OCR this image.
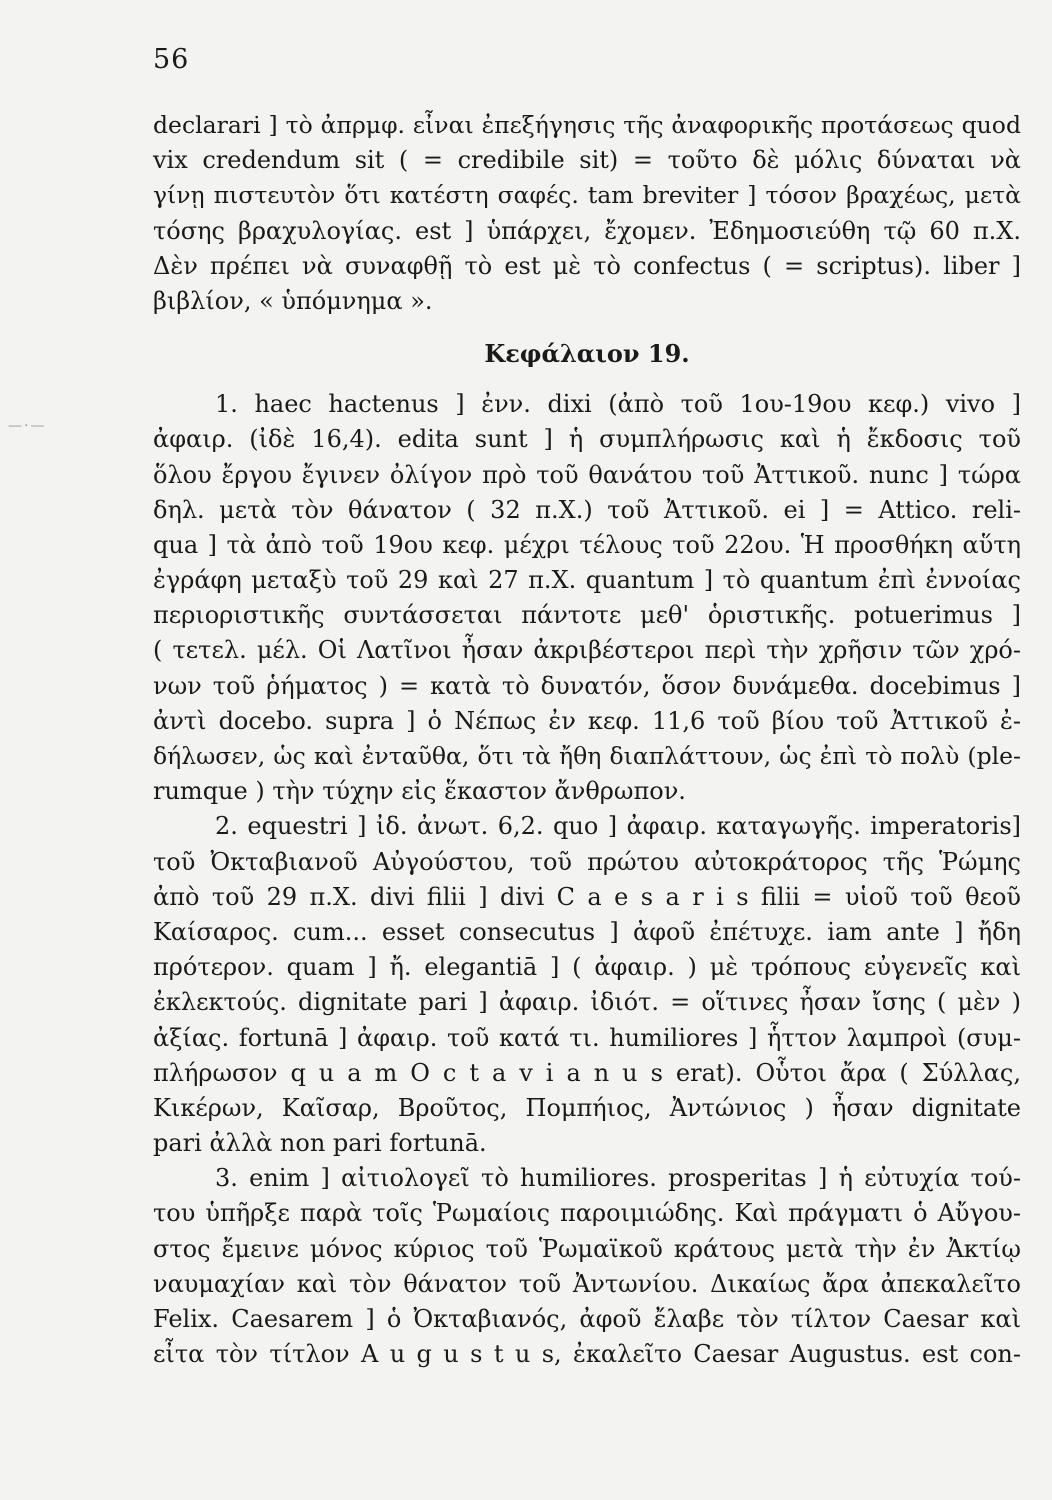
56
—·—
declarari ] τὸ ἀπρμφ. εἶναι ἐπεξήγησις τῆς ἀναφορικῆς προτάσεως quod
vix credendum sit ( = credibile sit) = τοῦτο δὲ μόλις δύναται νὰ
γίνῃ πιστευτὸν ὅτι κατέστη σαφές. tam breviter ] τόσον βραχέως, μετὰ
τόσης βραχυλογίας. est ] ὑπάρχει, ἔχομεν. Ἐδημοσιεύθη τῷ 60 π.Χ.
Δὲν πρέπει νὰ συναφθῇ τὸ est μὲ τὸ confectus ( = scriptus). liber ]
βιβλίον, « ὑπόμνημα ».
Κεφάλαιον 19.
1. haec hactenus ] ἐνν. dixi (ἀπὸ τοῦ 1ου-19ου κεφ.) vivo ]
ἀφαιρ. (ἰδὲ 16,4). edita sunt ] ἡ συμπλήρωσις καὶ ἡ ἔκδοσις τοῦ
ὅλου ἔργου ἔγινεν ὀλίγον πρὸ τοῦ θανάτου τοῦ Ἀττικοῦ. nunc ] τώρα
δηλ. μετὰ τὸν θάνατον ( 32 π.Χ.) τοῦ Ἀττικοῦ. ei ] = Attico. reli-
qua ] τὰ ἀπὸ τοῦ 19ου κεφ. μέχρι τέλους τοῦ 22ου. Ἡ προσθήκη αὕτη
ἐγράφη μεταξὺ τοῦ 29 καὶ 27 π.Χ. quantum ] τὸ quantum ἐπὶ ἐννοίας
περιοριστικῆς συντάσσεται πάντοτε μεθ' ὁριστικῆς. potuerimus ]
( τετελ. μέλ. Οἱ Λατῖνοι ἦσαν ἀκριβέστεροι περὶ τὴν χρῆσιν τῶν χρό-
νων τοῦ ῥήματος ) = κατὰ τὸ δυνατόν, ὅσον δυνάμεθα. docebimus ]
ἀντὶ docebo. supra ] ὁ Νέπως ἐν κεφ. 11,6 τοῦ βίου τοῦ Ἀττικοῦ ἐ-
δήλωσεν, ὡς καὶ ἐνταῦθα, ὅτι τὰ ἤθη διαπλάττουν, ὡς ἐπὶ τὸ πολὺ (ple-
rumque ) τὴν τύχην εἰς ἕκαστον ἄνθρωπον.
2. equestri ] ἰδ. ἀνωτ. 6,2. quo ] ἀφαιρ. καταγωγῆς. imperatoris]
τοῦ Ὀκταβιανοῦ Αὐγούστου, τοῦ πρώτου αὐτοκράτορος τῆς Ῥώμης
ἀπὸ τοῦ 29 π.Χ. divi filii ] divi C a e s a r i s filii = υἱοῦ τοῦ θεοῦ
Καίσαρος. cum... esset consecutus ] ἀφοῦ ἐπέτυχε. iam ante ] ἤδη
πρότερον. quam ] ἤ. elegantiā ] ( ἀφαιρ. ) μὲ τρόπους εὐγενεῖς καὶ
ἐκλεκτούς. dignitate pari ] ἀφαιρ. ἰδιότ. = οἵτινες ἦσαν ἴσης ( μὲν )
ἀξίας. fortunā ] ἀφαιρ. τοῦ κατά τι. humiliores ] ἧττον λαμπροὶ (συμ-
πλήρωσον q u a m O c t a v i a n u s erat). Οὗτοι ἄρα ( Σύλλας,
Κικέρων, Καῖσαρ, Βροῦτος, Πομπήιος, Ἀντώνιος ) ἦσαν dignitate
pari ἀλλὰ non pari fortunā.
3. enim ] αἰτιολογεῖ τὸ humiliores. prosperitas ] ἡ εὐτυχία τού-
του ὑπῆρξε παρὰ τοῖς Ῥωμαίοις παροιμιώδης. Καὶ πράγματι ὁ Αὔγου-
στος ἔμεινε μόνος κύριος τοῦ Ῥωμαϊκοῦ κράτους μετὰ τὴν ἐν Ἀκτίῳ
ναυμαχίαν καὶ τὸν θάνατον τοῦ Ἀντωνίου. Δικαίως ἄρα ἀπεκαλεῖτο
Felix. Caesarem ] ὁ Ὀκταβιανός, ἀφοῦ ἔλαβε τὸν τίλτον Caesar καὶ
εἶτα τὸν τίτλον A u g u s t u s, ἐκαλεῖτο Caesar Augustus. est con-
